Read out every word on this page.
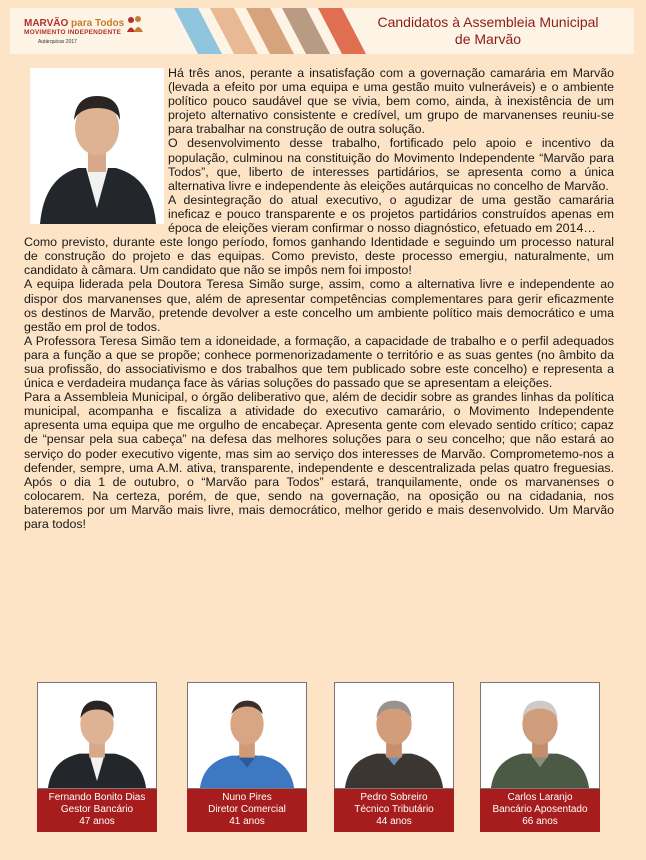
MARVÃO para Todos
MOVIMENTO INDEPENDENTE
Autárquicas 2017
Candidatos à Assembleia Municipal
de Marvão

Há três anos, perante a insatisfação com a governação camarária em Marvão (levada a efeito por uma equipa e uma gestão muito vulneráveis) e o ambiente político pouco saudável que se vivia, bem como, ainda, à inexistência de um projeto alternativo consistente e credível, um grupo de marvanenses reuniu-se para trabalhar na construção de outra solução.

O desenvolvimento desse trabalho, fortificado pelo apoio e incentivo da população, culminou na constituição do Movimento Independente “Marvão para Todos”, que, liberto de interesses partidários, se apresenta como a única alternativa livre e independente às eleições autárquicas no concelho de Marvão.

A desintegração do atual executivo, o agudizar de uma gestão camarária ineficaz e pouco transparente e os projetos partidários construídos apenas em época de eleições vieram confirmar o nosso diagnóstico, efetuado em 2014…

Como previsto, durante este longo período, fomos ganhando Identidade e seguindo um processo natural de construção do projeto e das equipas. Como previsto, deste processo emergiu, naturalmente, um candidato à câmara. Um candidato que não se impôs nem foi imposto!

A equipa liderada pela Doutora Teresa Simão surge, assim, como a alternativa livre e independente ao dispor dos marvanenses que, além de apresentar competências complementares para gerir eficazmente os destinos de Marvão, pretende devolver a este concelho um ambiente político mais democrático e uma gestão em prol de todos.

A Professora Teresa Simão tem a idoneidade, a formação, a capacidade de trabalho e o perfil adequados para a função a que se propõe; conhece pormenorizadamente o território e as suas gentes (no âmbito da sua profissão, do associativismo e dos trabalhos que tem publicado sobre este concelho) e representa a única e verdadeira mudança face às várias soluções do passado que se apresentam a eleições.

Para a Assembleia Municipal, o órgão deliberativo que, além de decidir sobre as grandes linhas da política municipal, acompanha e fiscaliza a atividade do executivo camarário, o Movimento Independente apresenta uma equipa que me orgulho de encabeçar. Apresenta gente com elevado sentido crítico; capaz de “pensar pela sua cabeça” na defesa das melhores soluções para o seu concelho; que não estará ao serviço do poder executivo vigente, mas sim ao serviço dos interesses de Marvão. Comprometemo-nos a defender, sempre, uma A.M. ativa, transparente, independente e descentralizada pelas quatro freguesias. Após o dia 1 de outubro, o “Marvão para Todos” estará, tranquilamente, onde os marvanenses o colocarem. Na certeza, porém, de que, sendo na governação, na oposição ou na cidadania, nos bateremos por um Marvão mais livre, mais democrático, melhor gerido e mais desenvolvido. Um Marvão para todos!

Fernando Bonito Dias
Gestor Bancário
47 anos
Nuno Pires
Diretor Comercial
41 anos
Pedro Sobreiro
Técnico Tributário
44 anos
Carlos Laranjo
Bancário Aposentado
66 anos
